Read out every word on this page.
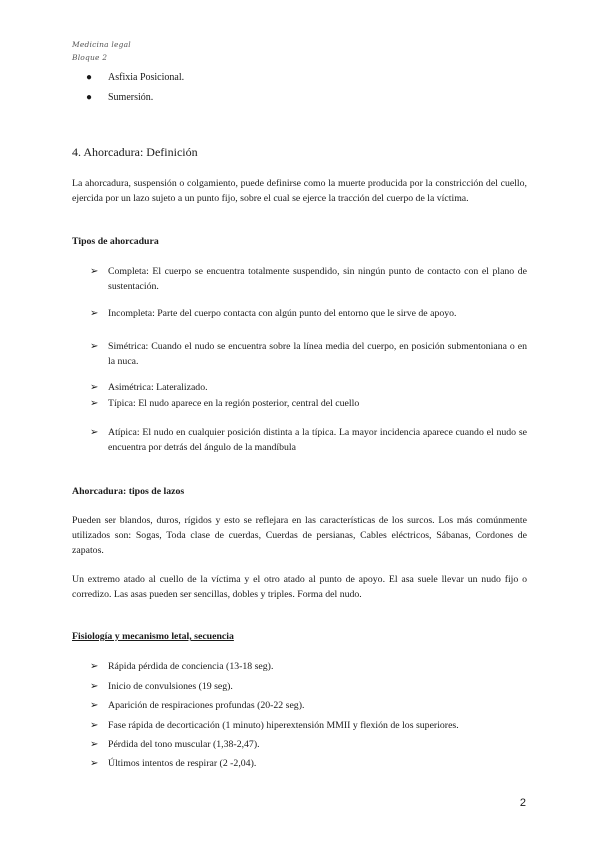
Medicina legal
Bloque 2
● Asfixia Posicional.
● Sumersión.
4. Ahorcadura: Definición
La ahorcadura, suspensión o colgamiento, puede definirse como la muerte producida por la constricción del cuello, ejercida por un lazo sujeto a un punto fijo, sobre el cual se ejerce la tracción del cuerpo de la víctima.
Tipos de ahorcadura
➢ Completa: El cuerpo se encuentra totalmente suspendido, sin ningún punto de contacto con el plano de sustentación.
➢ Incompleta: Parte del cuerpo contacta con algún punto del entorno que le sirve de apoyo.
➢ Simétrica: Cuando el nudo se encuentra sobre la línea media del cuerpo, en posición submentoniana o en la nuca.
➢ Asimétrica: Lateralizado.
➢ Típica: El nudo aparece en la región posterior, central del cuello
➢ Atípica: El nudo en cualquier posición distinta a la típica. La mayor incidencia aparece cuando el nudo se encuentra por detrás del ángulo de la mandíbula
Ahorcadura: tipos de lazos
Pueden ser blandos, duros, rígidos y esto se reflejara en las características de los surcos. Los más comúnmente utilizados son: Sogas, Toda clase de cuerdas, Cuerdas de persianas, Cables eléctricos, Sábanas, Cordones de zapatos.
Un extremo atado al cuello de la víctima y el otro atado al punto de apoyo. El asa suele llevar un nudo fijo o corredizo. Las asas pueden ser sencillas, dobles y triples. Forma del nudo.
Fisiología y mecanismo letal, secuencia
➢ Rápida pérdida de conciencia (13-18 seg).
➢ Inicio de convulsiones (19 seg).
➢ Aparición de respiraciones profundas (20-22 seg).
➢ Fase rápida de decorticación (1 minuto) hiperextensión MMII y flexión de los superiores.
➢ Pérdida del tono muscular (1,38-2,47).
➢ Últimos intentos de respirar (2 -2,04).
2
